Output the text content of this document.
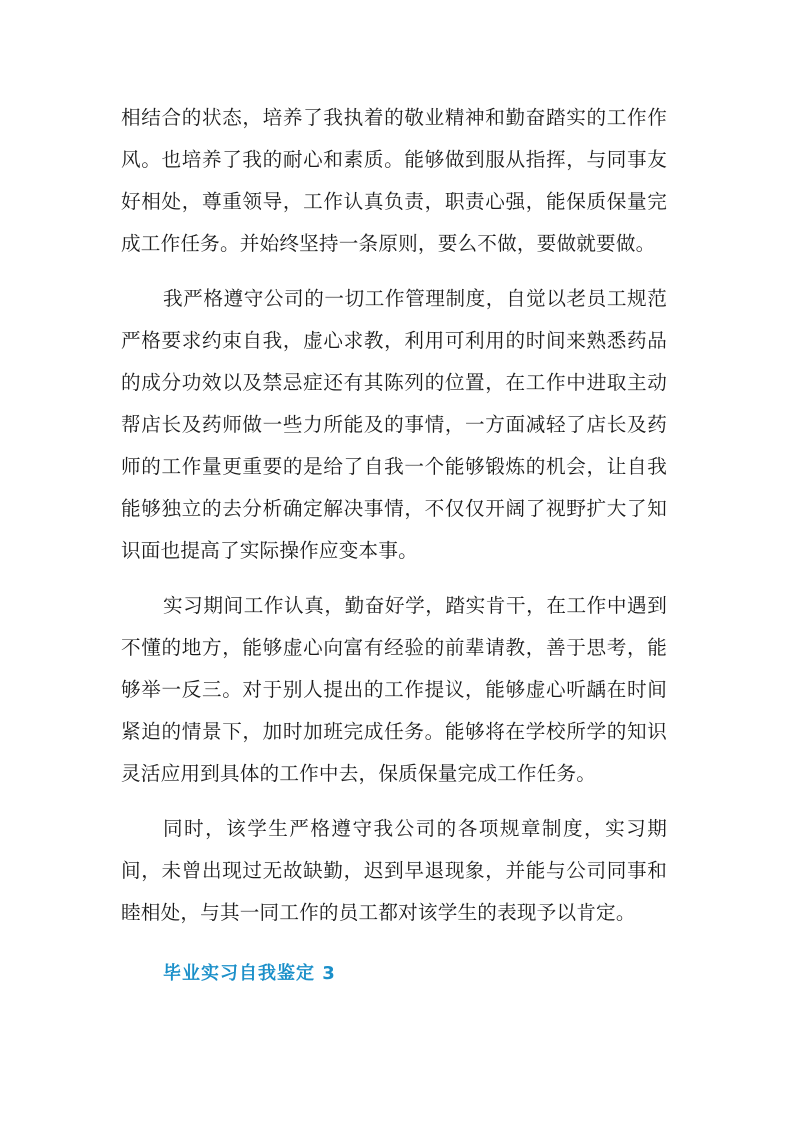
相结合的状态，培养了我执着的敬业精神和勤奋踏实的工作作风。也培养了我的耐心和素质。能够做到服从指挥，与同事友好相处，尊重领导，工作认真负责，职责心强，能保质保量完成工作任务。并始终坚持一条原则，要么不做，要做就要做。

我严格遵守公司的一切工作管理制度，自觉以老员工规范严格要求约束自我，虚心求教，利用可利用的时间来熟悉药品的成分功效以及禁忌症还有其陈列的位置，在工作中进取主动帮店长及药师做一些力所能及的事情，一方面减轻了店长及药师的工作量更重要的是给了自我一个能够锻炼的机会，让自我能够独立的去分析确定解决事情，不仅仅开阔了视野扩大了知识面也提高了实际操作应变本事。

实习期间工作认真，勤奋好学，踏实肯干，在工作中遇到不懂的地方，能够虚心向富有经验的前辈请教，善于思考，能够举一反三。对于别人提出的工作提议，能够虚心听龋在时间紧迫的情景下，加时加班完成任务。能够将在学校所学的知识灵活应用到具体的工作中去，保质保量完成工作任务。

同时，该学生严格遵守我公司的各项规章制度，实习期间，未曾出现过无故缺勤，迟到早退现象，并能与公司同事和睦相处，与其一同工作的员工都对该学生的表现予以肯定。

毕业实习自我鉴定 3
